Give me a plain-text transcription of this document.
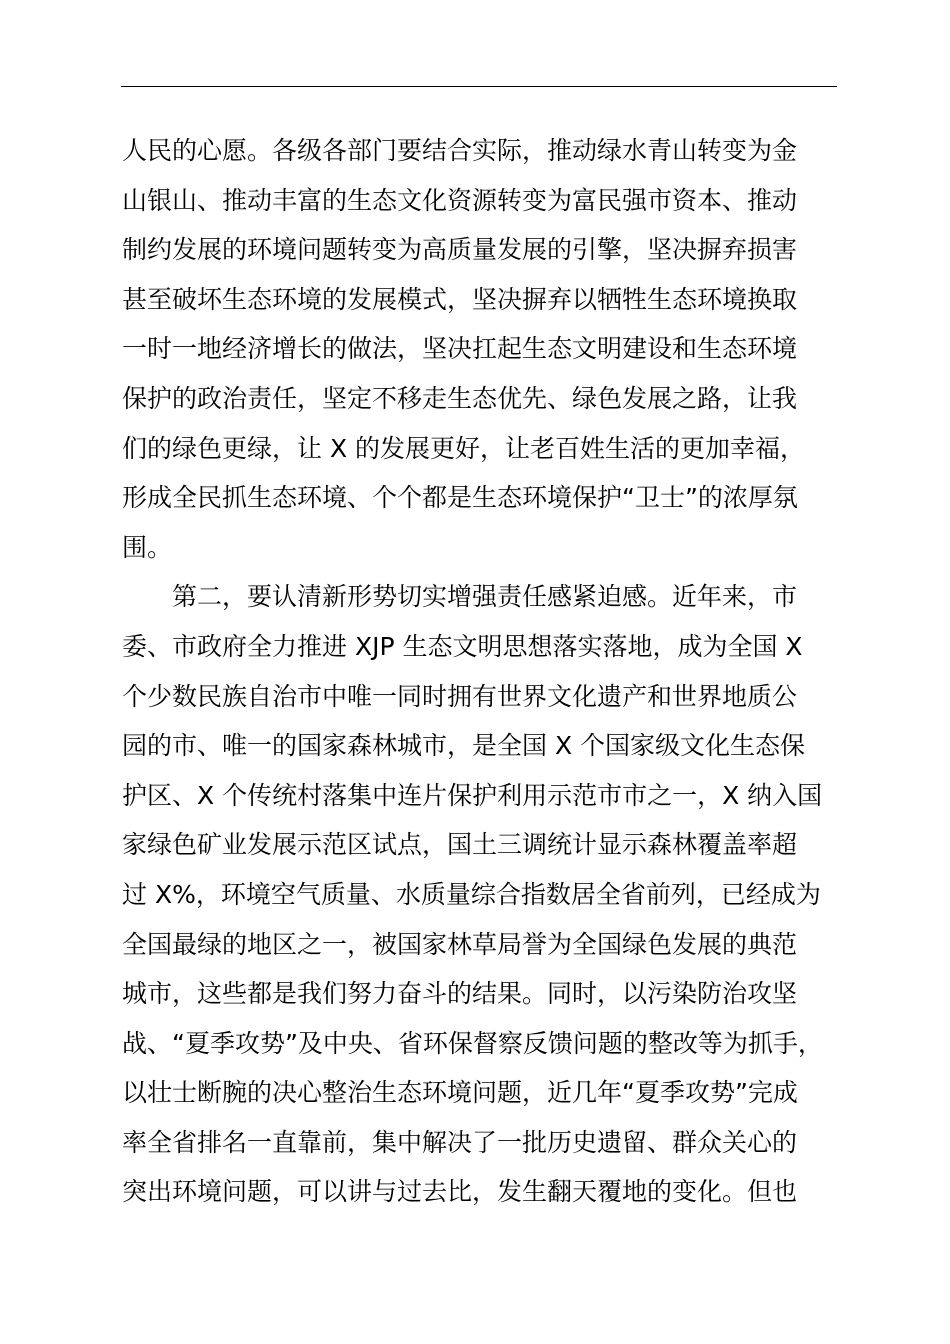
人民的心愿。各级各部门要结合实际，推动绿水青山转变为金
山银山、推动丰富的生态文化资源转变为富民强市资本、推动
制约发展的环境问题转变为高质量发展的引擎，坚决摒弃损害
甚至破坏生态环境的发展模式，坚决摒弃以牺牲生态环境换取
一时一地经济增长的做法，坚决扛起生态文明建设和生态环境
保护的政治责任，坚定不移走生态优先、绿色发展之路，让我
们的绿色更绿，让 X 的发展更好，让老百姓生活的更加幸福，
形成全民抓生态环境、个个都是生态环境保护“卫士”的浓厚氛
围。
第二，要认清新形势切实增强责任感紧迫感。近年来，市
委、市政府全力推进 XJP 生态文明思想落实落地，成为全国 X
个少数民族自治市中唯一同时拥有世界文化遗产和世界地质公
园的市、唯一的国家森林城市，是全国 X 个国家级文化生态保
护区、X 个传统村落集中连片保护利用示范市市之一，X 纳入国
家绿色矿业发展示范区试点，国土三调统计显示森林覆盖率超
过 X%，环境空气质量、水质量综合指数居全省前列，已经成为
全国最绿的地区之一，被国家林草局誉为全国绿色发展的典范
城市，这些都是我们努力奋斗的结果。同时，以污染防治攻坚
战、“夏季攻势”及中央、省环保督察反馈问题的整改等为抓手，
以壮士断腕的决心整治生态环境问题，近几年“夏季攻势”完成
率全省排名一直靠前，集中解决了一批历史遗留、群众关心的
突出环境问题，可以讲与过去比，发生翻天覆地的变化。但也
